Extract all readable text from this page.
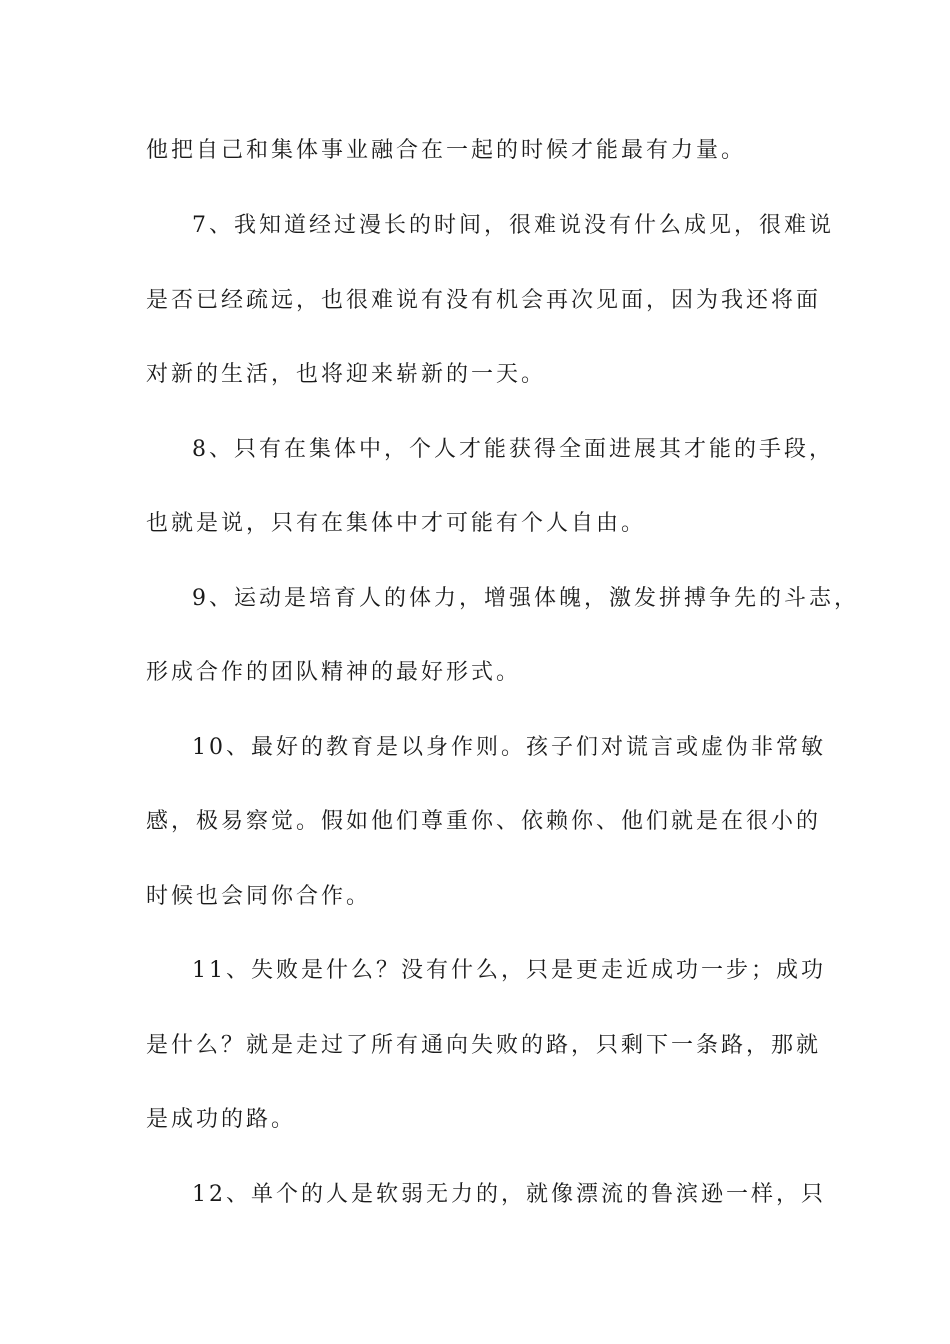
他把自己和集体事业融合在一起的时候才能最有力量。
7、我知道经过漫长的时间，很难说没有什么成见，很难说
是否已经疏远，也很难说有没有机会再次见面，因为我还将面
对新的生活，也将迎来崭新的一天。
8、只有在集体中，个人才能获得全面进展其才能的手段，
也就是说，只有在集体中才可能有个人自由。
9、运动是培育人的体力，增强体魄，激发拼搏争先的斗志，
形成合作的团队精神的最好形式。
10、最好的教育是以身作则。孩子们对谎言或虚伪非常敏
感，极易察觉。假如他们尊重你、依赖你、他们就是在很小的
时候也会同你合作。
11、失败是什么？没有什么，只是更走近成功一步；成功
是什么？就是走过了所有通向失败的路，只剩下一条路，那就
是成功的路。
12、单个的人是软弱无力的，就像漂流的鲁滨逊一样，只
